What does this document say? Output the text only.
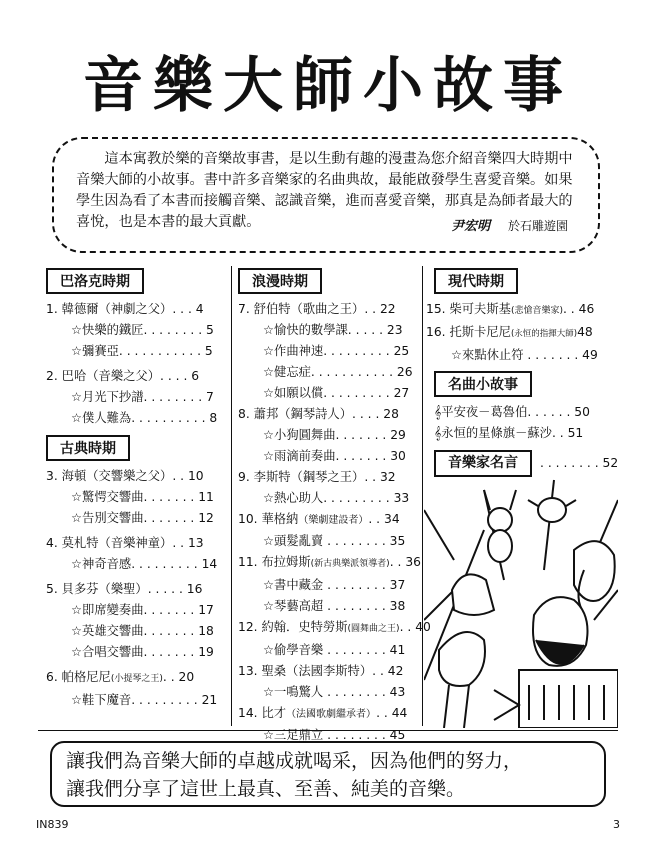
音樂大師小故事

這本寓教於樂的音樂故事書，是以生動有趣的漫畫為您介紹音樂四大時期中音樂大師的小故事。書中許多音樂家的名曲典故，最能啟發學生喜愛音樂。如果學生因為看了本書而接觸音樂、認識音樂，進而喜愛音樂，那真是為師者最大的喜悅，也是本書的最大貢獻。	尹宏明 於石雕遊園
巴洛克時期
1. 韓德爾（神劇之父）. . . 4
☆快樂的鐵匠. . . . . . . . 5
☆彌賽亞. . . . . . . . . . . 5
2. 巴哈（音樂之父）. . . . 6
☆月光下抄譜. . . . . . . . 7
☆僕人難為. . . . . . . . . . 8
古典時期
3. 海頓（交響樂之父）. . 10
☆驚愕交響曲. . . . . . . 11
☆告別交響曲. . . . . . . 12
4. 莫札特（音樂神童）. . 13
☆神奇音感. . . . . . . . . 14
5. 貝多芬（樂聖）. . . . . 16
☆即席變奏曲. . . . . . . 17
☆英雄交響曲. . . . . . . 18
☆合唱交響曲. . . . . . . 19
6. 帕格尼尼(小提琴之王). . 20
☆鞋下魔音. . . . . . . . . 21
浪漫時期
7. 舒伯特（歌曲之王）. . 22
☆愉快的數學課. . . . . 23
☆作曲神速. . . . . . . . . 25
☆健忘症. . . . . . . . . . . 26
☆如願以償. . . . . . . . . 27
8. 蕭邦（鋼琴詩人）. . . . 28
☆小狗圓舞曲. . . . . . . 29
☆雨滴前奏曲. . . . . . . 30
9. 李斯特（鋼琴之王）. . 32
☆熱心助人. . . . . . . . . 33
10. 華格納（樂劇建設者）. . 34
☆頭髮亂賣 . . . . . . . . 35
11. 布拉姆斯(新古典樂派領導者). . 36
☆書中藏金 . . . . . . . . 37
☆琴藝高超 . . . . . . . . 38
12. 約翰．史特勞斯(圓舞曲之王). . 40
☆偷學音樂 . . . . . . . . 41
13. 聖桑（法國李斯特）. . 42
☆一鳴驚人 . . . . . . . . 43
14. 比才（法國歌劇繼承者）. . 44
☆三足鼎立 . . . . . . . . 45
現代時期
15. 柴可夫斯基(悲愴音樂家). . 46
16. 托斯卡尼尼(永恒的指揮大師)48
☆來點休止符 . . . . . . . 49
名曲小故事
𝄞平安夜－葛魯伯. . . . . . 50
𝄞永恒的星條旗－蘇沙. . 51
音樂家名言 . . . . . . . . 52
讓我們為音樂大師的卓越成就喝采，因為他們的努力，
讓我們分享了這世上最真、至善、純美的音樂。
IN839	3
